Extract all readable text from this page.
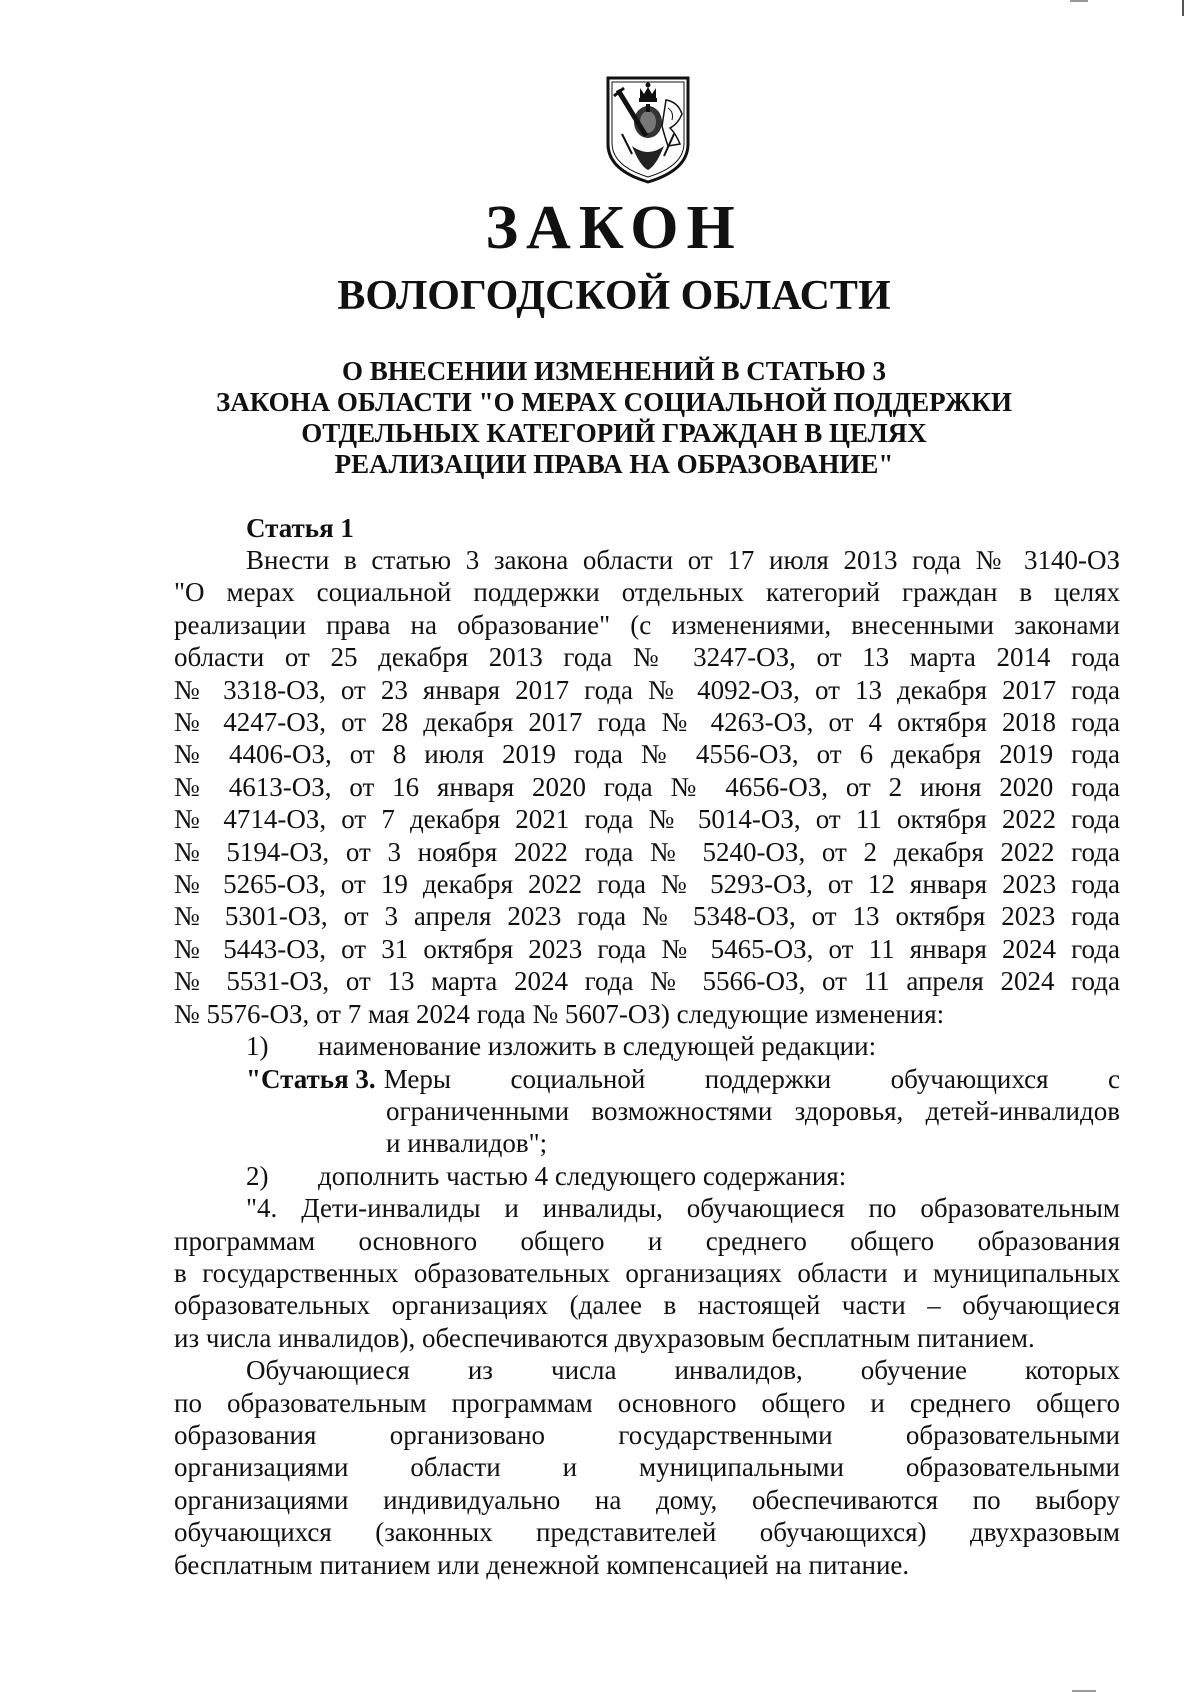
ЗАКОН
ВОЛОГОДСКОЙ ОБЛАСТИ
О ВНЕСЕНИИ ИЗМЕНЕНИЙ В СТАТЬЮ 3
ЗАКОНА ОБЛАСТИ "О МЕРАХ СОЦИАЛЬНОЙ ПОДДЕРЖКИ
ОТДЕЛЬНЫХ КАТЕГОРИЙ ГРАЖДАН В ЦЕЛЯХ
РЕАЛИЗАЦИИ ПРАВА НА ОБРАЗОВАНИЕ"
Статья 1
Внести в статью 3 закона области от 17 июля 2013 года № 3140-ОЗ
"О мерах социальной поддержки отдельных категорий граждан в целях
реализации права на образование" (с изменениями, внесенными законами
области от 25 декабря 2013 года № 3247-ОЗ, от 13 марта 2014 года
№ 3318-ОЗ, от 23 января 2017 года № 4092-ОЗ, от 13 декабря 2017 года
№ 4247-ОЗ, от 28 декабря 2017 года № 4263-ОЗ, от 4 октября 2018 года
№ 4406-ОЗ, от 8 июля 2019 года № 4556-ОЗ, от 6 декабря 2019 года
№ 4613-ОЗ, от 16 января 2020 года № 4656-ОЗ, от 2 июня 2020 года
№ 4714-ОЗ, от 7 декабря 2021 года № 5014-ОЗ, от 11 октября 2022 года
№ 5194-ОЗ, от 3 ноября 2022 года № 5240-ОЗ, от 2 декабря 2022 года
№ 5265-ОЗ, от 19 декабря 2022 года № 5293-ОЗ, от 12 января 2023 года
№ 5301-ОЗ, от 3 апреля 2023 года № 5348-ОЗ, от 13 октября 2023 года
№ 5443-ОЗ, от 31 октября 2023 года № 5465-ОЗ, от 11 января 2024 года
№ 5531-ОЗ, от 13 марта 2024 года № 5566-ОЗ, от 11 апреля 2024 года
№ 5576-ОЗ, от 7 мая 2024 года № 5607-ОЗ) следующие изменения:
1) наименование изложить в следующей редакции:
"Статья 3. Меры социальной поддержки обучающихся с
ограниченными возможностями здоровья, детей-инвалидов
и инвалидов";
2) дополнить частью 4 следующего содержания:
"4. Дети-инвалиды и инвалиды, обучающиеся по образовательным
программам основного общего и среднего общего образования
в государственных образовательных организациях области и муниципальных
образовательных организациях (далее в настоящей части – обучающиеся
из числа инвалидов), обеспечиваются двухразовым бесплатным питанием.
Обучающиеся из числа инвалидов, обучение которых
по образовательным программам основного общего и среднего общего
образования организовано государственными образовательными
организациями области и муниципальными образовательными
организациями индивидуально на дому, обеспечиваются по выбору
обучающихся (законных представителей обучающихся) двухразовым
бесплатным питанием или денежной компенсацией на питание.
